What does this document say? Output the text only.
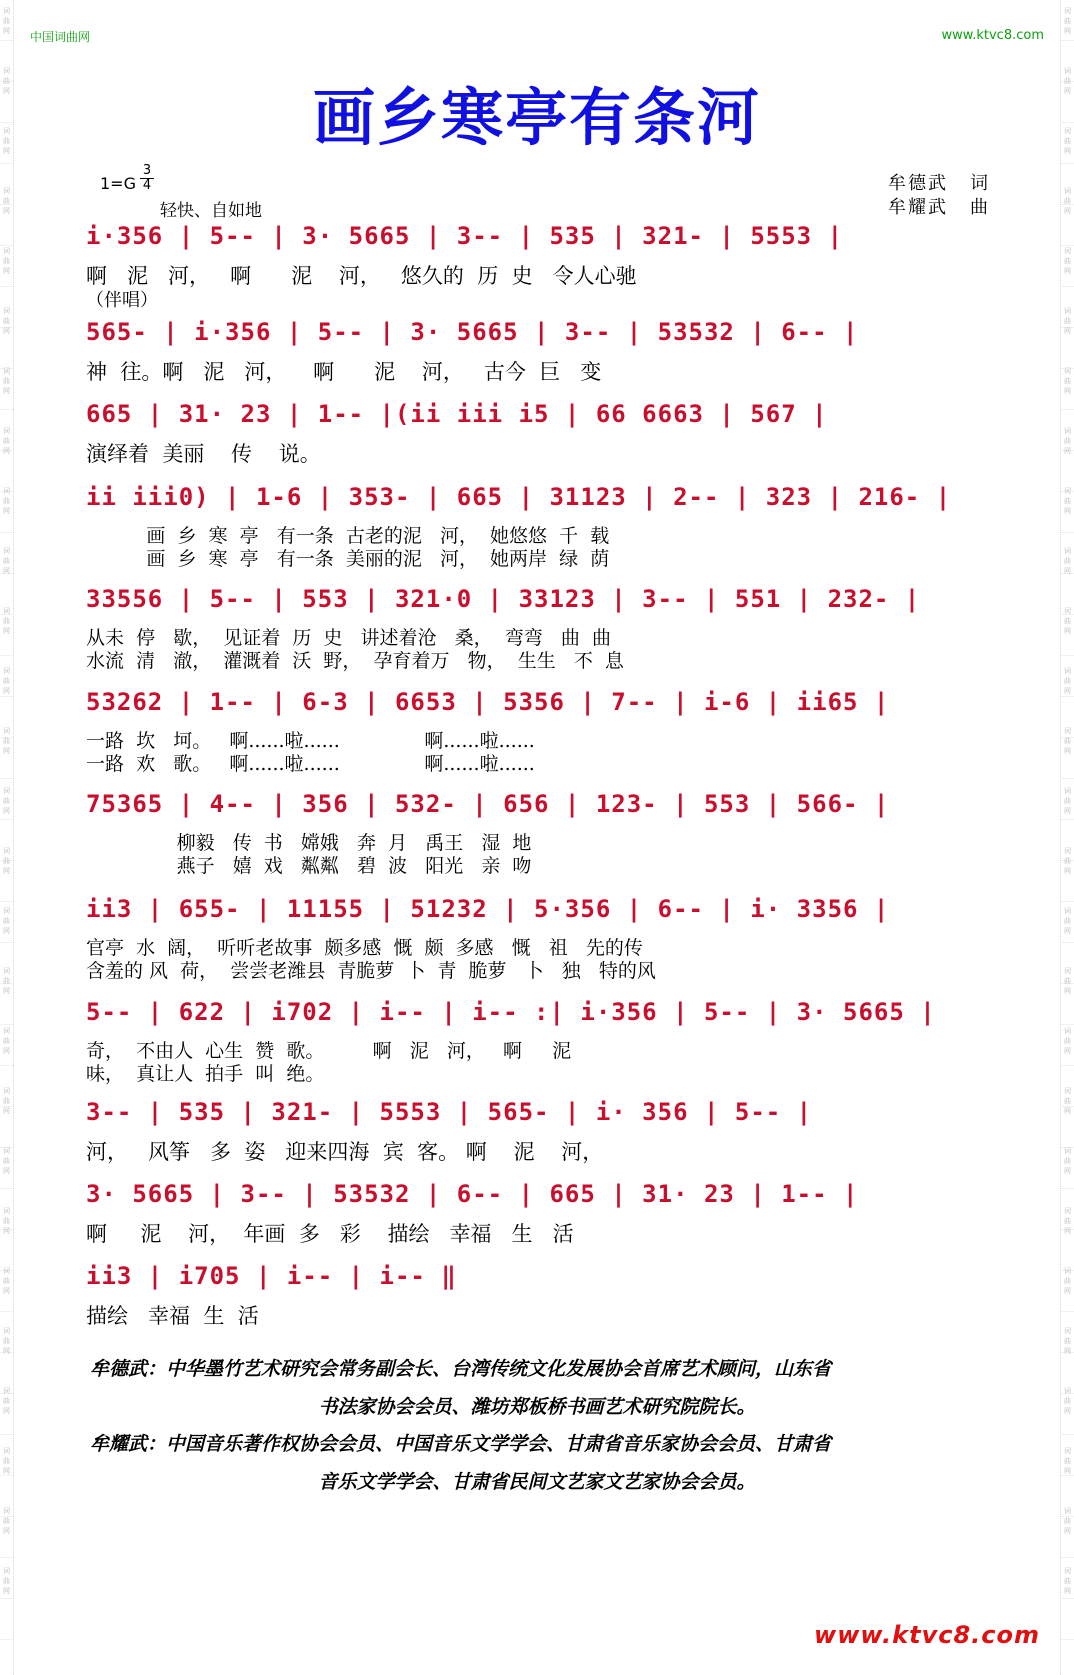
词曲网
词曲网
词曲网
词曲网
词曲网
词曲网
词曲网
词曲网
词曲网
词曲网
词曲网
词曲网
词曲网
词曲网
词曲网
词曲网
词曲网
词曲网
词曲网
词曲网
词曲网
词曲网
词曲网
词曲网
词曲网
词曲网
词曲网
词曲网
词曲网
词曲网
词曲网
词曲网
词曲网
词曲网
词曲网
词曲网
词曲网
词曲网
词曲网
词曲网
词曲网
词曲网
词曲网
词曲网
词曲网
词曲网
词曲网
词曲网
词曲网
词曲网
词曲网
词曲网
词曲网
词曲网
中国词曲网	www.ktvc8.com
画乡寒亭有条河
1=G
3
4
轻快、自如地
牟德武 词
牟耀武 曲
i·356 | 5-- | 3· 5665 | 3-- | 535 | 321- | 5553 |
啊   泥   河，   啊      泥    河，   悠久的  历  史   令人心驰
（伴唱）
565- | i·356 | 5-- | 3· 5665 | 3-- | 53532 | 6-- |
神  往。啊   泥   河，    啊      泥    河，   古今  巨   变
665 | 31· 23 | 1-- |(ii iii i5 | 66 6663 | 567 |
演绎着  美丽    传    说。
ii iii0) | 1-6 | 353- | 665 | 31123 | 2-- | 323 | 216- |
画  乡  寒  亭   有一条  古老的泥   河，  她悠悠  千  载
画  乡  寒  亭   有一条  美丽的泥   河，  她两岸  绿  荫
33556 | 5-- | 553 | 321·0 | 33123 | 3-- | 551 | 232- |
从未  停   歇，  见证着  历  史   讲述着沧   桑，  弯弯   曲  曲
水流  清   澈，  灌溉着  沃  野，  孕育着万   物，  生生   不  息
53262 | 1-- | 6-3 | 6653 | 5356 | 7-- | i-6 | ii65 |
一路  坎   坷。   啊......啦......              啊......啦......
一路  欢   歌。   啊......啦......              啊......啦......
75365 | 4-- | 356 | 532- | 656 | 123- | 553 | 566- |
柳毅   传  书   嫦娥   奔  月   禹王   湿  地
燕子   嬉  戏   粼粼   碧  波   阳光   亲  吻
ii3 | 655- | 11155 | 51232 | 5·356 | 6-- | i· 3356 |
官亭  水  阔，  听听老故事  颇多感  慨  颇  多感   慨   祖   先的传
含羞的 风  荷，  尝尝老潍县  青脆萝  卜  青  脆萝   卜   独   特的风
5-- | 622 | i702 | i-- | i-- :| i·356 | 5-- | 3· 5665 |
奇，  不由人  心生  赞  歌。        啊   泥   河，   啊     泥
味，  真让人  拍手  叫  绝。
3-- | 535 | 321- | 5553 | 565- | i· 356 | 5-- |
河，   风筝   多  姿   迎来四海  宾  客。 啊    泥    河，
3· 5665 | 3-- | 53532 | 6-- | 665 | 31· 23 | 1-- |
啊     泥    河，  年画  多   彩    描绘   幸福   生   活
ii3 | i705 | i-- | i-- ‖
描绘   幸福  生  活
牟德武：中华墨竹艺术研究会常务副会长、台湾传统文化发展协会首席艺术顾问，山东省
书法家协会会员、潍坊郑板桥书画艺术研究院院长。
牟耀武：中国音乐著作权协会会员、中国音乐文学学会、甘肃省音乐家协会会员、甘肃省
音乐文学学会、甘肃省民间文艺家文艺家协会会员。
www.ktvc8.com
